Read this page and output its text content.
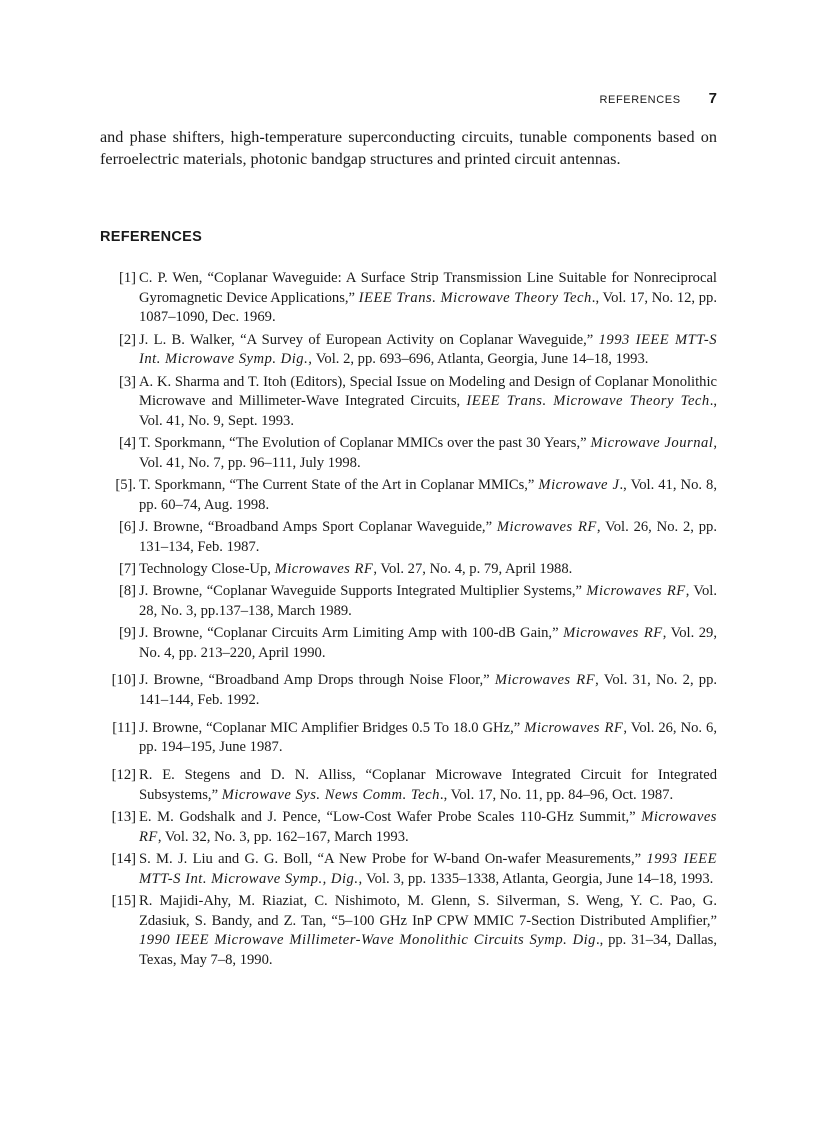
REFERENCES 7

and phase shifters, high-temperature superconducting circuits, tunable components based on ferroelectric materials, photonic bandgap structures and printed circuit antennas.

REFERENCES
[1] C. P. Wen, “Coplanar Waveguide: A Surface Strip Transmission Line Suitable for Nonreciprocal Gyromagnetic Device Applications,” IEEE Trans. Microwave Theory Tech., Vol. 17, No. 12, pp. 1087–1090, Dec. 1969.
[2] J. L. B. Walker, “A Survey of European Activity on Coplanar Waveguide,” 1993 IEEE MTT-S Int. Microwave Symp. Dig., Vol. 2, pp. 693–696, Atlanta, Georgia, June 14–18, 1993.
[3] A. K. Sharma and T. Itoh (Editors), Special Issue on Modeling and Design of Coplanar Monolithic Microwave and Millimeter-Wave Integrated Circuits, IEEE Trans. Microwave Theory Tech., Vol. 41, No. 9, Sept. 1993.
[4] T. Sporkmann, “The Evolution of Coplanar MMICs over the past 30 Years,” Microwave Journal, Vol. 41, No. 7, pp. 96–111, July 1998.
[5]. T. Sporkmann, “The Current State of the Art in Coplanar MMICs,” Microwave J., Vol. 41, No. 8, pp. 60–74, Aug. 1998.
[6] J. Browne, “Broadband Amps Sport Coplanar Waveguide,” Microwaves RF, Vol. 26, No. 2, pp. 131–134, Feb. 1987.
[7] Technology Close-Up, Microwaves RF, Vol. 27, No. 4, p. 79, April 1988.
[8] J. Browne, “Coplanar Waveguide Supports Integrated Multiplier Systems,” Microwaves RF, Vol. 28, No. 3, pp.137–138, March 1989.
[9] J. Browne, “Coplanar Circuits Arm Limiting Amp with 100-dB Gain,” Microwaves RF, Vol. 29, No. 4, pp. 213–220, April 1990.
[10] J. Browne, “Broadband Amp Drops through Noise Floor,” Microwaves RF, Vol. 31, No. 2, pp. 141–144, Feb. 1992.
[11] J. Browne, “Coplanar MIC Amplifier Bridges 0.5 To 18.0 GHz,” Microwaves RF, Vol. 26, No. 6, pp. 194–195, June 1987.
[12] R. E. Stegens and D. N. Alliss, “Coplanar Microwave Integrated Circuit for Integrated Subsystems,” Microwave Sys. News Comm. Tech., Vol. 17, No. 11, pp. 84–96, Oct. 1987.
[13] E. M. Godshalk and J. Pence, “Low-Cost Wafer Probe Scales 110-GHz Summit,” Microwaves RF, Vol. 32, No. 3, pp. 162–167, March 1993.
[14] S. M. J. Liu and G. G. Boll, “A New Probe for W-band On-wafer Measurements,” 1993 IEEE MTT-S Int. Microwave Symp., Dig., Vol. 3, pp. 1335–1338, Atlanta, Georgia, June 14–18, 1993.
[15] R. Majidi-Ahy, M. Riaziat, C. Nishimoto, M. Glenn, S. Silverman, S. Weng, Y. C. Pao, G. Zdasiuk, S. Bandy, and Z. Tan, “5–100 GHz InP CPW MMIC 7-Section Distributed Amplifier,” 1990 IEEE Microwave Millimeter-Wave Monolithic Circuits Symp. Dig., pp. 31–34, Dallas, Texas, May 7–8, 1990.
